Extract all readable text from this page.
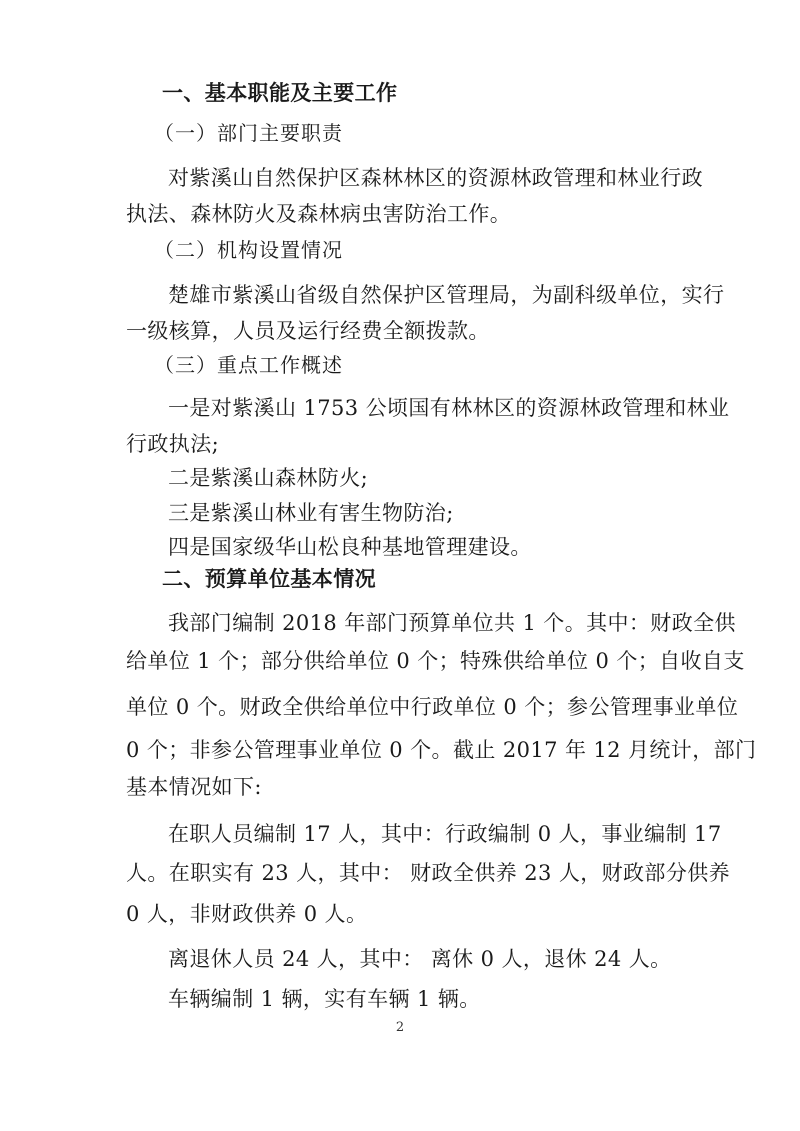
一、基本职能及主要工作
（一）部门主要职责
对紫溪山自然保护区森林林区的资源林政管理和林业行政
执法、森林防火及森林病虫害防治工作。
（二）机构设置情况
楚雄市紫溪山省级自然保护区管理局，为副科级单位，实行
一级核算，人员及运行经费全额拨款。
（三）重点工作概述
一是对紫溪山 1753 公顷国有林林区的资源林政管理和林业
行政执法;
二是紫溪山森林防火;
三是紫溪山林业有害生物防治;
四是国家级华山松良种基地管理建设。
二、预算单位基本情况
我部门编制 2018 年部门预算单位共 1 个。其中：财政全供
给单位 1 个；部分供给单位 0 个；特殊供给单位 0 个；自收自支
单位 0 个。财政全供给单位中行政单位 0 个；参公管理事业单位
0 个；非参公管理事业单位 0 个。截止 2017 年 12 月统计，部门
基本情况如下:
在职人员编制 17 人，其中：行政编制 0 人，事业编制 17
人。在职实有 23 人，其中： 财政全供养 23 人，财政部分供养
0 人，非财政供养 0 人。
离退休人员 24 人，其中： 离休 0 人，退休 24 人。
车辆编制 1 辆，实有车辆 1 辆。
2
